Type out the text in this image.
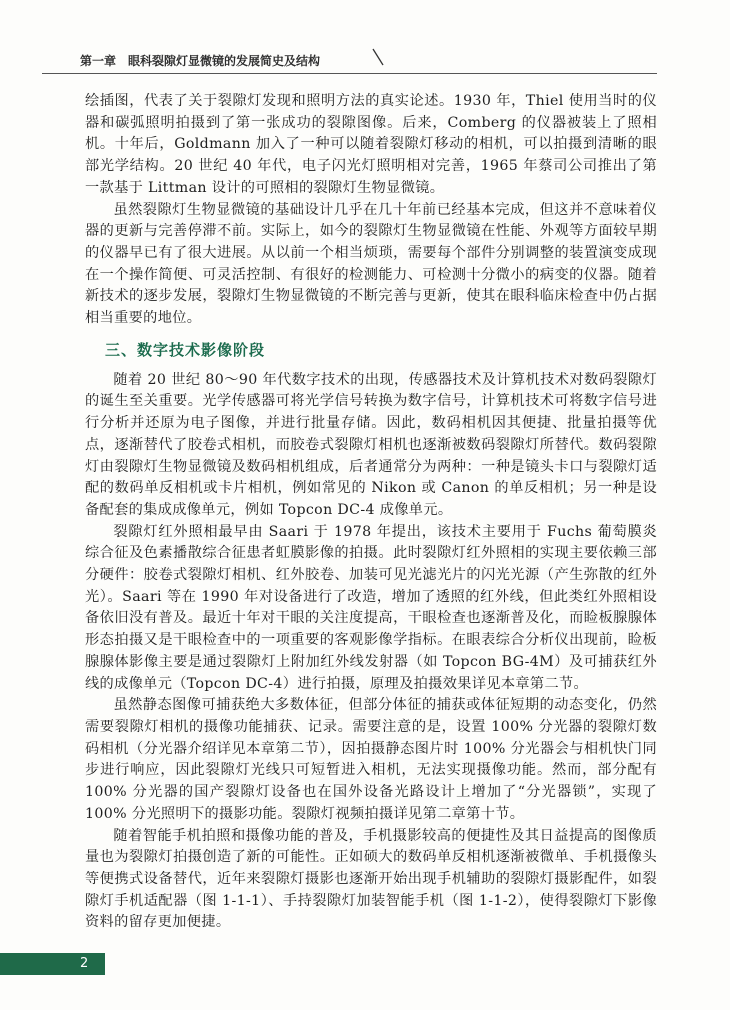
第一章　眼科裂隙灯显微镜的发展简史及结构

绘插图，代表了关于裂隙灯发现和照明方法的真实论述。1930 年，Thiel 使用当时的仪器和碳弧照明拍摄到了第一张成功的裂隙图像。后来，Comberg 的仪器被装上了照相机。十年后，Goldmann 加入了一种可以随着裂隙灯移动的相机，可以拍摄到清晰的眼部光学结构。20 世纪 40 年代，电子闪光灯照明相对完善，1965 年蔡司公司推出了第一款基于 Littman 设计的可照相的裂隙灯生物显微镜。

虽然裂隙灯生物显微镜的基础设计几乎在几十年前已经基本完成，但这并不意味着仪器的更新与完善停滞不前。实际上，如今的裂隙灯生物显微镜在性能、外观等方面较早期的仪器早已有了很大进展。从以前一个相当烦琐，需要每个部件分别调整的装置演变成现在一个操作简便、可灵活控制、有很好的检测能力、可检测十分微小的病变的仪器。随着新技术的逐步发展，裂隙灯生物显微镜的不断完善与更新，使其在眼科临床检查中仍占据相当重要的地位。

三、数字技术影像阶段

随着 20 世纪 80～90 年代数字技术的出现，传感器技术及计算机技术对数码裂隙灯的诞生至关重要。光学传感器可将光学信号转换为数字信号，计算机技术可将数字信号进行分析并还原为电子图像，并进行批量存储。因此，数码相机因其便捷、批量拍摄等优点，逐渐替代了胶卷式相机，而胶卷式裂隙灯相机也逐渐被数码裂隙灯所替代。数码裂隙灯由裂隙灯生物显微镜及数码相机组成，后者通常分为两种：一种是镜头卡口与裂隙灯适配的数码单反相机或卡片相机，例如常见的 Nikon 或 Canon 的单反相机；另一种是设备配套的集成成像单元，例如 Topcon DC-4 成像单元。

裂隙灯红外照相最早由 Saari 于 1978 年提出，该技术主要用于 Fuchs 葡萄膜炎综合征及色素播散综合征患者虹膜影像的拍摄。此时裂隙灯红外照相的实现主要依赖三部分硬件：胶卷式裂隙灯相机、红外胶卷、加装可见光滤光片的闪光光源（产生弥散的红外光）。Saari 等在 1990 年对设备进行了改造，增加了透照的红外线，但此类红外照相设备依旧没有普及。最近十年对干眼的关注度提高，干眼检查也逐渐普及化，而睑板腺腺体形态拍摄又是干眼检查中的一项重要的客观影像学指标。在眼表综合分析仪出现前，睑板腺腺体影像主要是通过裂隙灯上附加红外线发射器（如 Topcon BG-4M）及可捕获红外线的成像单元（Topcon DC-4）进行拍摄，原理及拍摄效果详见本章第二节。

虽然静态图像可捕获绝大多数体征，但部分体征的捕获或体征短期的动态变化，仍然需要裂隙灯相机的摄像功能捕获、记录。需要注意的是，设置 100% 分光器的裂隙灯数码相机（分光器介绍详见本章第二节），因拍摄静态图片时 100% 分光器会与相机快门同步进行响应，因此裂隙灯光线只可短暂进入相机，无法实现摄像功能。然而，部分配有 100% 分光器的国产裂隙灯设备也在国外设备光路设计上增加了“分光器锁”，实现了 100% 分光照明下的摄影功能。裂隙灯视频拍摄详见第二章第十节。

随着智能手机拍照和摄像功能的普及，手机摄影较高的便捷性及其日益提高的图像质量也为裂隙灯拍摄创造了新的可能性。正如硕大的数码单反相机逐渐被微单、手机摄像头等便携式设备替代，近年来裂隙灯摄影也逐渐开始出现手机辅助的裂隙灯摄影配件，如裂隙灯手机适配器（图 1-1-1）、手持裂隙灯加装智能手机（图 1-1-2），使得裂隙灯下影像资料的留存更加便捷。

2
